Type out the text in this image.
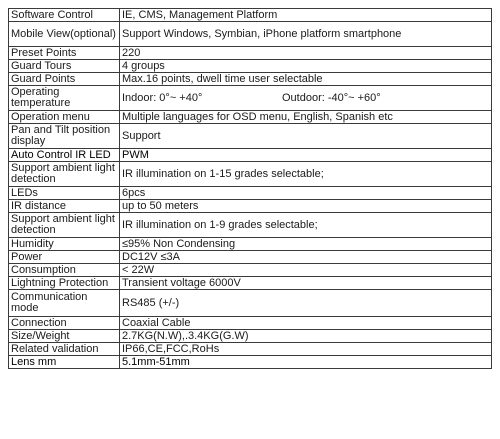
Software Control	IE, CMS, Management Platform
Mobile View(optional)	Support Windows, Symbian, iPhone platform smartphone
Preset Points	220
Guard Tours	4 groups
Guard Points	Max.16 points, dwell time user selectable
Operating temperature	Indoor: 0°~ +40° Outdoor: -40°~ +60°

Operation menu	Multiple languages for OSD menu, English, Spanish etc
Pan and Tilt position display	Support
Auto Control IR LED	PWM
Support ambient light detection	IR illumination on 1-15 grades selectable;
LEDs	6pcs
IR distance	up to 50 meters
Support ambient light detection	IR illumination on 1-9 grades selectable;
Humidity	≤95% Non Condensing
Power	DC12V ≤3A
Consumption	< 22W
Lightning Protection	Transient voltage 6000V
Communication mode	RS485 (+/-)
Connection	Coaxial Cable
Size/Weight	2.7KG(N.W),.3.4KG(G.W)
Related validation	IP66,CE,FCC,RoHs
Lens mm	5.1mm-51mm
